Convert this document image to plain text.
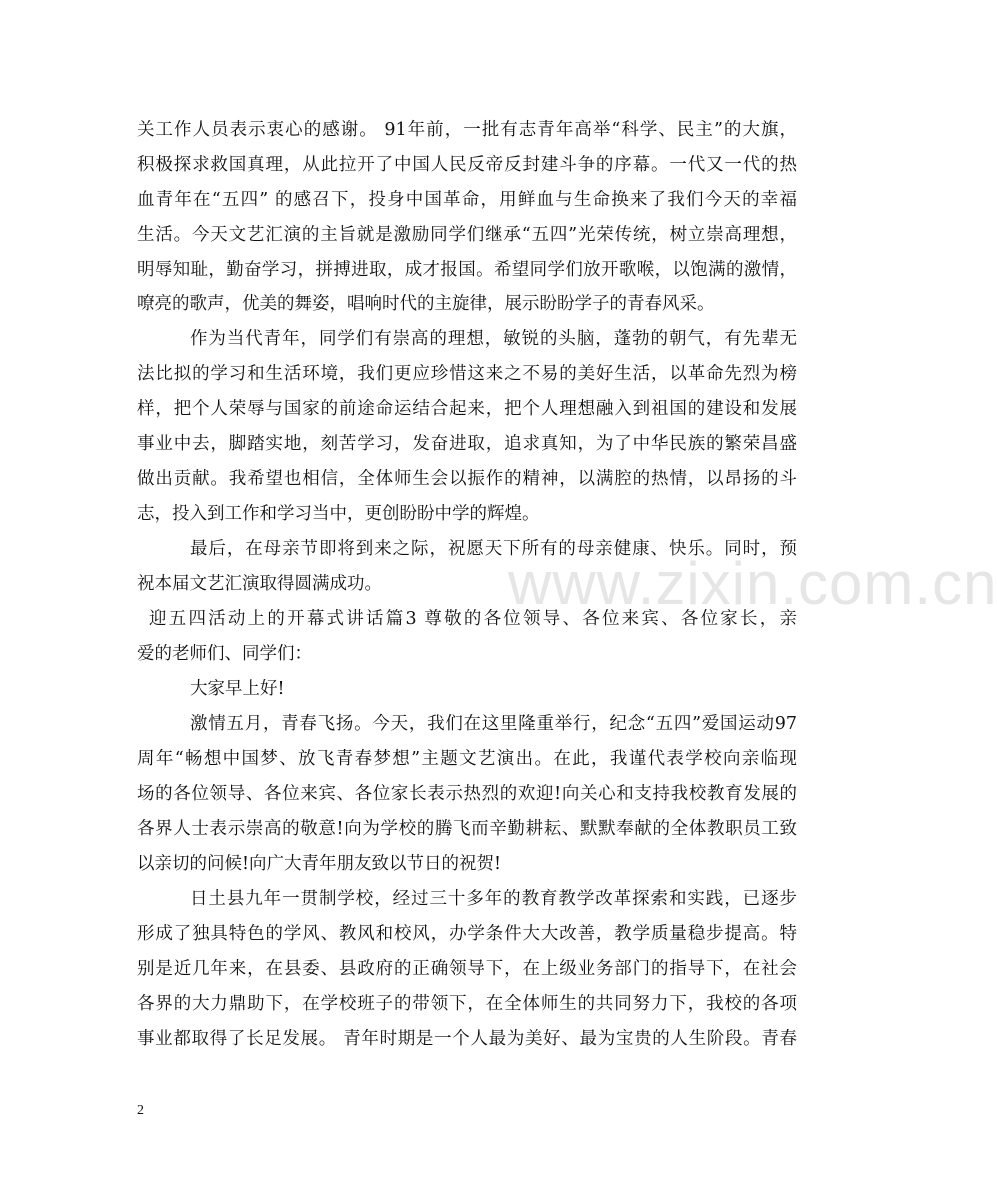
www.zixin.com.cn
关工作人员表示衷心的感谢。 91年前，一批有志青年高举“科学、民主”的大旗，
积极探求救国真理，从此拉开了中国人民反帝反封建斗争的序幕。一代又一代的热
血青年在“五四” 的感召下，投身中国革命，用鲜血与生命换来了我们今天的幸福
生活。今天文艺汇演的主旨就是激励同学们继承“五四”光荣传统，树立崇高理想，
明辱知耻，勤奋学习，拼搏进取，成才报国。希望同学们放开歌喉，以饱满的激情，
嘹亮的歌声，优美的舞姿，唱响时代的主旋律，展示盼盼学子的青春风采。
作为当代青年，同学们有崇高的理想，敏锐的头脑，蓬勃的朝气，有先辈无
法比拟的学习和生活环境，我们更应珍惜这来之不易的美好生活，以革命先烈为榜
样，把个人荣辱与国家的前途命运结合起来，把个人理想融入到祖国的建设和发展
事业中去，脚踏实地，刻苦学习，发奋进取，追求真知，为了中华民族的繁荣昌盛
做出贡献。我希望也相信，全体师生会以振作的精神，以满腔的热情，以昂扬的斗
志，投入到工作和学习当中，更创盼盼中学的辉煌。
最后，在母亲节即将到来之际，祝愿天下所有的母亲健康、快乐。同时，预
祝本届文艺汇演取得圆满成功。
迎五四活动上的开幕式讲话篇3 尊敬的各位领导、各位来宾、各位家长，亲
爱的老师们、同学们：
大家早上好!
激情五月，青春飞扬。今天，我们在这里隆重举行，纪念“五四”爱国运动97
周年“畅想中国梦、放飞青春梦想”主题文艺演出。在此，我谨代表学校向亲临现
场的各位领导、各位来宾、各位家长表示热烈的欢迎!向关心和支持我校教育发展的
各界人士表示崇高的敬意!向为学校的腾飞而辛勤耕耘、默默奉献的全体教职员工致
以亲切的问候!向广大青年朋友致以节日的祝贺!
日土县九年一贯制学校，经过三十多年的教育教学改革探索和实践，已逐步
形成了独具特色的学风、教风和校风，办学条件大大改善，教学质量稳步提高。特
别是近几年来，在县委、县政府的正确领导下，在上级业务部门的指导下，在社会
各界的大力鼎助下，在学校班子的带领下，在全体师生的共同努力下，我校的各项
事业都取得了长足发展。 青年时期是一个人最为美好、最为宝贵的人生阶段。青春
2
